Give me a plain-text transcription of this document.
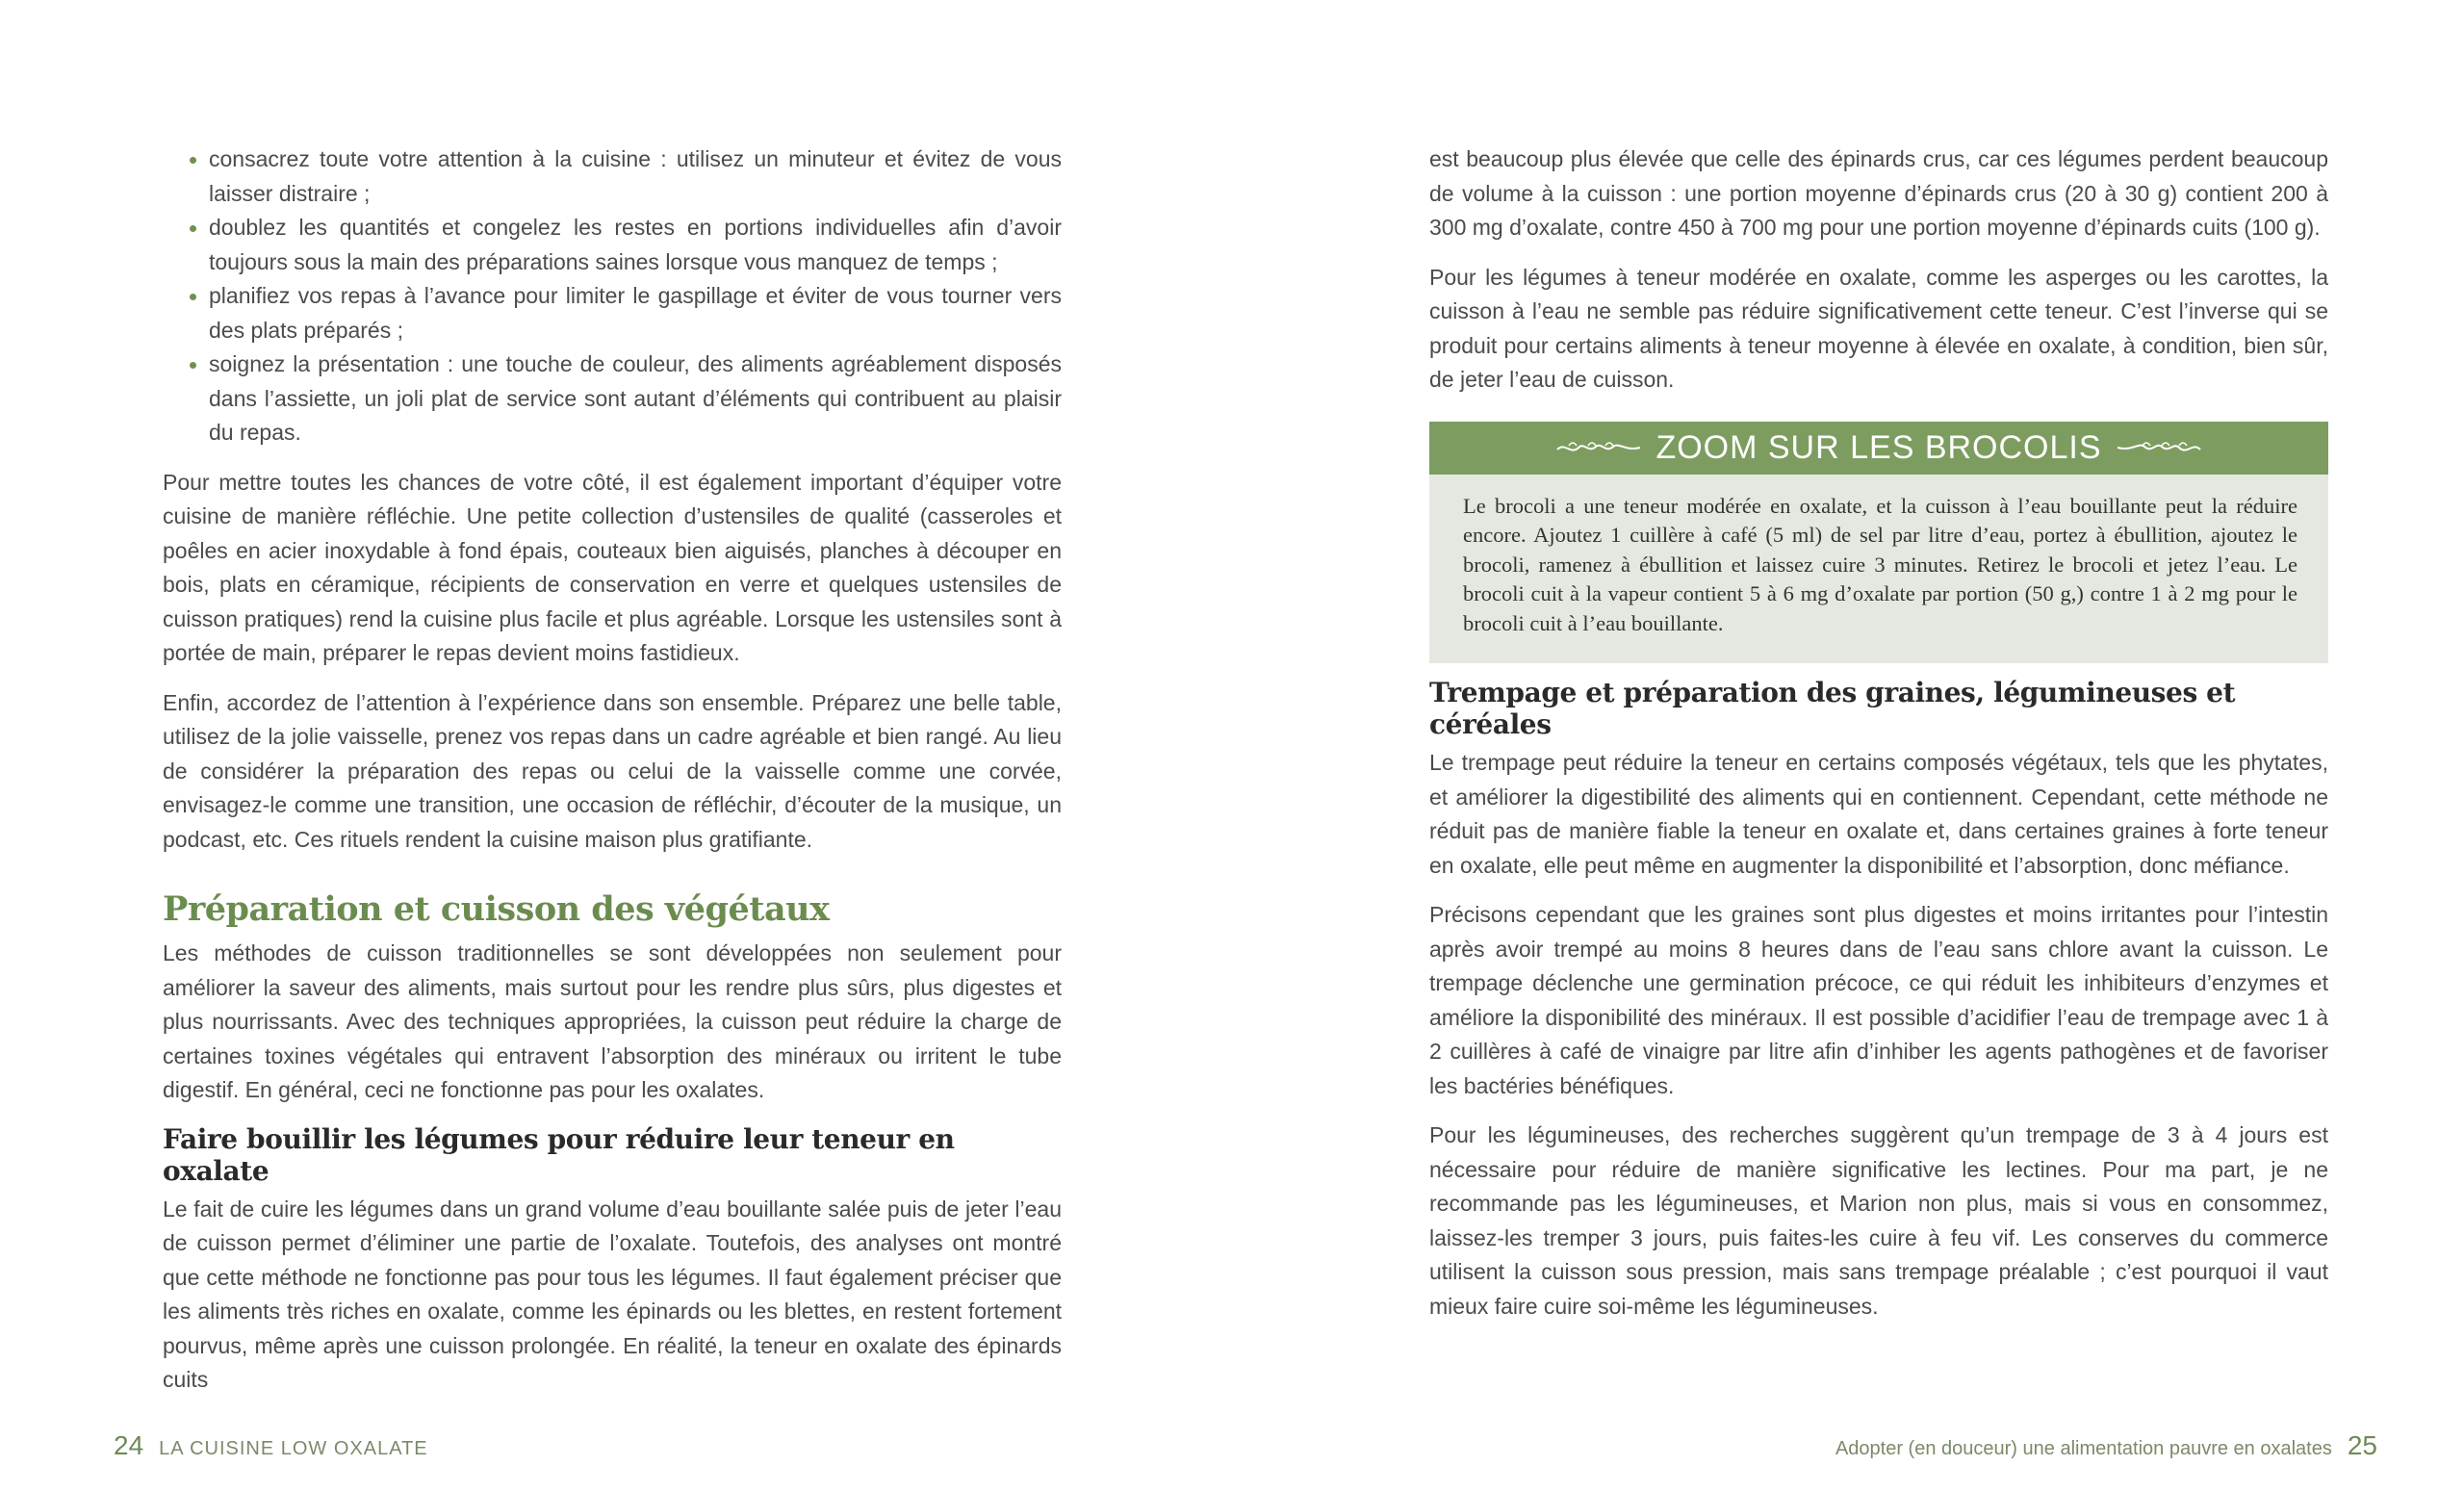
consacrez toute votre attention à la cuisine : utilisez un minuteur et évitez de vous laisser distraire ;
doublez les quantités et congelez les restes en portions individuelles afin d’avoir toujours sous la main des préparations saines lorsque vous manquez de temps ;
planifiez vos repas à l’avance pour limiter le gaspillage et éviter de vous tourner vers des plats préparés ;
soignez la présentation : une touche de couleur, des aliments agréablement disposés dans l’assiette, un joli plat de service sont autant d’éléments qui contribuent au plaisir du repas.

Pour mettre toutes les chances de votre côté, il est également important d’équiper votre cuisine de manière réfléchie. Une petite collection d’ustensiles de qualité (casseroles et poêles en acier inoxydable à fond épais, couteaux bien aiguisés, planches à découper en bois, plats en céramique, récipients de conservation en verre et quelques ustensiles de cuisson pratiques) rend la cuisine plus facile et plus agréable. Lorsque les ustensiles sont à portée de main, préparer le repas devient moins fastidieux.

Enfin, accordez de l’attention à l’expérience dans son ensemble. Préparez une belle table, utilisez de la jolie vaisselle, prenez vos repas dans un cadre agréable et bien rangé. Au lieu de considérer la préparation des repas ou celui de la vaisselle comme une corvée, envisagez-le comme une transition, une occasion de réfléchir, d’écouter de la musique, un podcast, etc. Ces rituels rendent la cuisine maison plus gratifiante.

Préparation et cuisson des végétaux

Les méthodes de cuisson traditionnelles se sont développées non seulement pour améliorer la saveur des aliments, mais surtout pour les rendre plus sûrs, plus digestes et plus nourrissants. Avec des techniques appropriées, la cuisson peut réduire la charge de certaines toxines végétales qui entravent l’absorption des minéraux ou irritent le tube digestif. En général, ceci ne fonctionne pas pour les oxalates.

Faire bouillir les légumes pour réduire leur teneur en oxalate

Le fait de cuire les légumes dans un grand volume d’eau bouillante salée puis de jeter l’eau de cuisson permet d’éliminer une partie de l’oxalate. Toutefois, des analyses ont montré que cette méthode ne fonctionne pas pour tous les légumes. Il faut également préciser que les aliments très riches en oxalate, comme les épinards ou les blettes, en restent fortement pourvus, même après une cuisson prolongée. En réalité, la teneur en oxalate des épinards cuits

est beaucoup plus élevée que celle des épinards crus, car ces légumes perdent beaucoup de volume à la cuisson : une portion moyenne d’épinards crus (20 à 30 g) contient 200 à 300 mg d’oxalate, contre 450 à 700 mg pour une portion moyenne d’épinards cuits (100 g).

Pour les légumes à teneur modérée en oxalate, comme les asperges ou les carottes, la cuisson à l’eau ne semble pas réduire significativement cette teneur. C’est l’inverse qui se produit pour certains aliments à teneur moyenne à élevée en oxalate, à condition, bien sûr, de jeter l’eau de cuisson.

ZOOM SUR LES BROCOLIS
Le brocoli a une teneur modérée en oxalate, et la cuisson à l’eau bouillante peut la réduire encore. Ajoutez 1 cuillère à café (5 ml) de sel par litre d’eau, portez à ébullition, ajoutez le brocoli, ramenez à ébullition et laissez cuire 3 minutes. Retirez le brocoli et jetez l’eau. Le brocoli cuit à la vapeur contient 5 à 6 mg d’oxalate par portion (50 g,) contre 1 à 2 mg pour le brocoli cuit à l’eau bouillante.
Trempage et préparation des graines, légumineuses et céréales

Le trempage peut réduire la teneur en certains composés végétaux, tels que les phytates, et améliorer la digestibilité des aliments qui en contiennent. Cependant, cette méthode ne réduit pas de manière fiable la teneur en oxalate et, dans certaines graines à forte teneur en oxalate, elle peut même en augmenter la disponibilité et l’absorption, donc méfiance.

Précisons cependant que les graines sont plus digestes et moins irritantes pour l’intestin après avoir trempé au moins 8 heures dans de l’eau sans chlore avant la cuisson. Le trempage déclenche une germination précoce, ce qui réduit les inhibiteurs d’enzymes et améliore la disponibilité des minéraux. Il est possible d’acidifier l’eau de trempage avec 1 à 2 cuillères à café de vinaigre par litre afin d’inhiber les agents pathogènes et de favoriser les bactéries bénéfiques.

Pour les légumineuses, des recherches suggèrent qu’un trempage de 3 à 4 jours est nécessaire pour réduire de manière significative les lectines. Pour ma part, je ne recommande pas les légumineuses, et Marion non plus, mais si vous en consommez, laissez-les tremper 3 jours, puis faites-les cuire à feu vif. Les conserves du commerce utilisent la cuisson sous pression, mais sans trempage préalable ; c’est pourquoi il vaut mieux faire cuire soi-même les légumineuses.

24 LA CUISINE LOW OXALATE	Adopter (en douceur) une alimentation pauvre en oxalates 25
